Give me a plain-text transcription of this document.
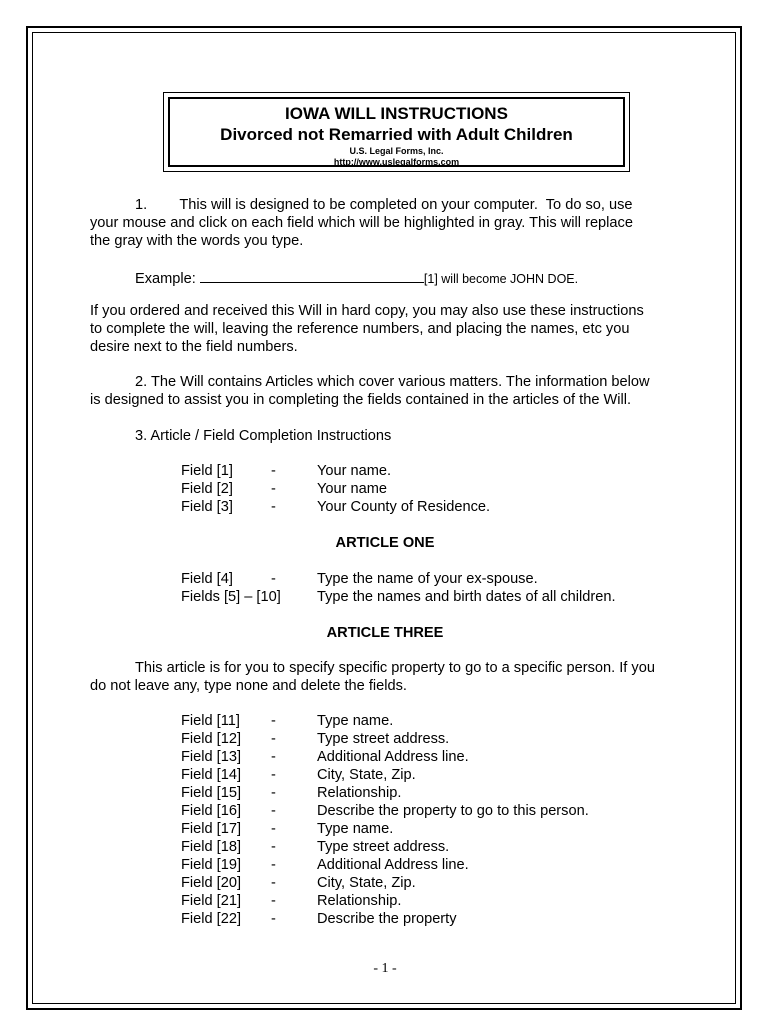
IOWA WILL INSTRUCTIONS
Divorced not Remarried with Adult Children
U.S. Legal Forms, Inc.
http://www.uslegalforms.com
1.        This will is designed to be completed on your computer.  To do so, use
your mouse and click on each field which will be highlighted in gray. This will replace
the gray with the words you type.
Example:	[1] will become JOHN DOE.
If you ordered and received this Will in hard copy, you may also use these instructions
to complete the will, leaving the reference numbers, and placing the names, etc you
desire next to the field numbers.
2. The Will contains Articles which cover various matters. The information below
is designed to assist you in completing the fields contained in the articles of the Will.
3. Article / Field Completion Instructions
Field [1]	-	Your name.
Field [2]	-	Your name
Field [3]	-	Your County of Residence.
ARTICLE ONE
Field [4]	-	Type the name of your ex-spouse.
Fields [5] – [10] Type the names and birth dates of all children.
ARTICLE THREE
This article is for you to specify specific property to go to a specific person. If you
do not leave any, type none and delete the fields.
Field [11] -	Type name.
Field [12] -	Type street address.
Field [13] -	Additional Address line.
Field [14] -	City, State, Zip.
Field [15] -	Relationship.
Field [16] -	Describe the property to go to this person.
Field [17] -	Type name.
Field [18] -	Type street address.
Field [19] -	Additional Address line.
Field [20] -	City, State, Zip.
Field [21] -	Relationship.
Field [22] -	Describe the property
- 1 -
